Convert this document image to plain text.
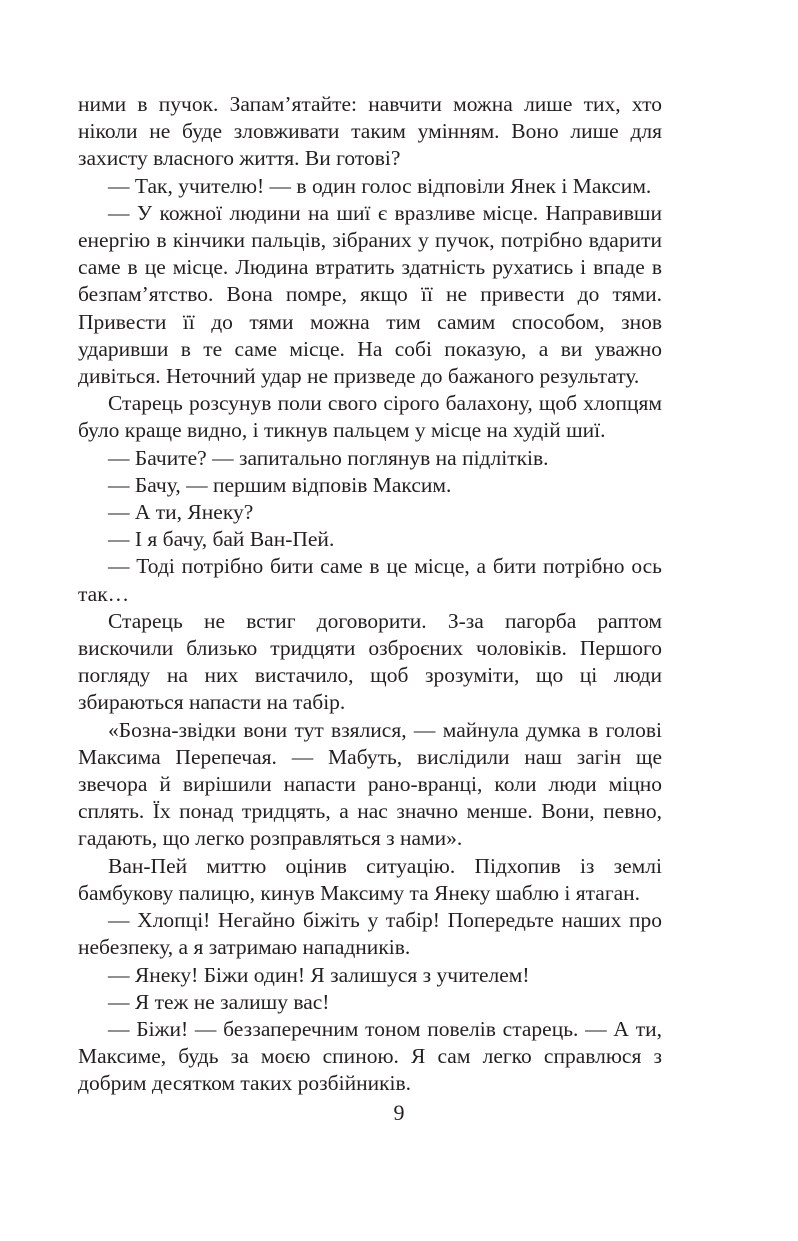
ними в пучок. Запам’ятайте: навчити можна лише тих, хто ніколи не буде зловживати таким умінням. Воно лише для захисту власного життя. Ви готові?

— Так, учителю! — в один голос відповіли Янек і Максим.

— У кожної людини на шиї є вразливе місце. Направивши енергію в кінчики пальців, зібраних у пучок, потрібно вдарити саме в це місце. Людина втратить здатність рухатись і впаде в безпам’ятство. Вона помре, якщо її не привести до тями. Привести її до тями можна тим самим способом, знов ударивши в те саме місце. На собі показую, а ви уважно дивіться. Неточний удар не призведе до бажаного результату.

Старець розсунув поли свого сірого балахону, щоб хлопцям було краще видно, і тикнув пальцем у місце на худій шиї.

— Бачите? — запитально поглянув на підлітків.

— Бачу, — першим відповів Максим.

— А ти, Янеку?

— І я бачу, бай Ван-Пей.

— Тоді потрібно бити саме в це місце, а бити потрібно ось так…

Старець не встиг договорити. З-за пагорба раптом вискочили близько тридцяти озброєних чоловіків. Першого погляду на них вистачило, щоб зрозуміти, що ці люди збираються напасти на табір.

«Бозна-звідки вони тут взялися, — майнула думка в голові Максима Перепечая. — Мабуть, вислідили наш загін ще звечора й вирішили напасти рано-вранці, коли люди міцно сплять. Їх понад тридцять, а нас значно менше. Вони, певно, гадають, що легко розправляться з нами».

Ван-Пей миттю оцінив ситуацію. Підхопив із землі бамбукову палицю, кинув Максиму та Янеку шаблю і ятаган.

— Хлопці! Негайно біжіть у табір! Попередьте наших про небезпеку, а я затримаю нападників.

— Янеку! Біжи один! Я залишуся з учителем!

— Я теж не залишу вас!

— Біжи! — беззаперечним тоном повелів старець. — А ти, Максиме, будь за моєю спиною. Я сам легко справлюся з добрим десятком таких розбійників.

9
